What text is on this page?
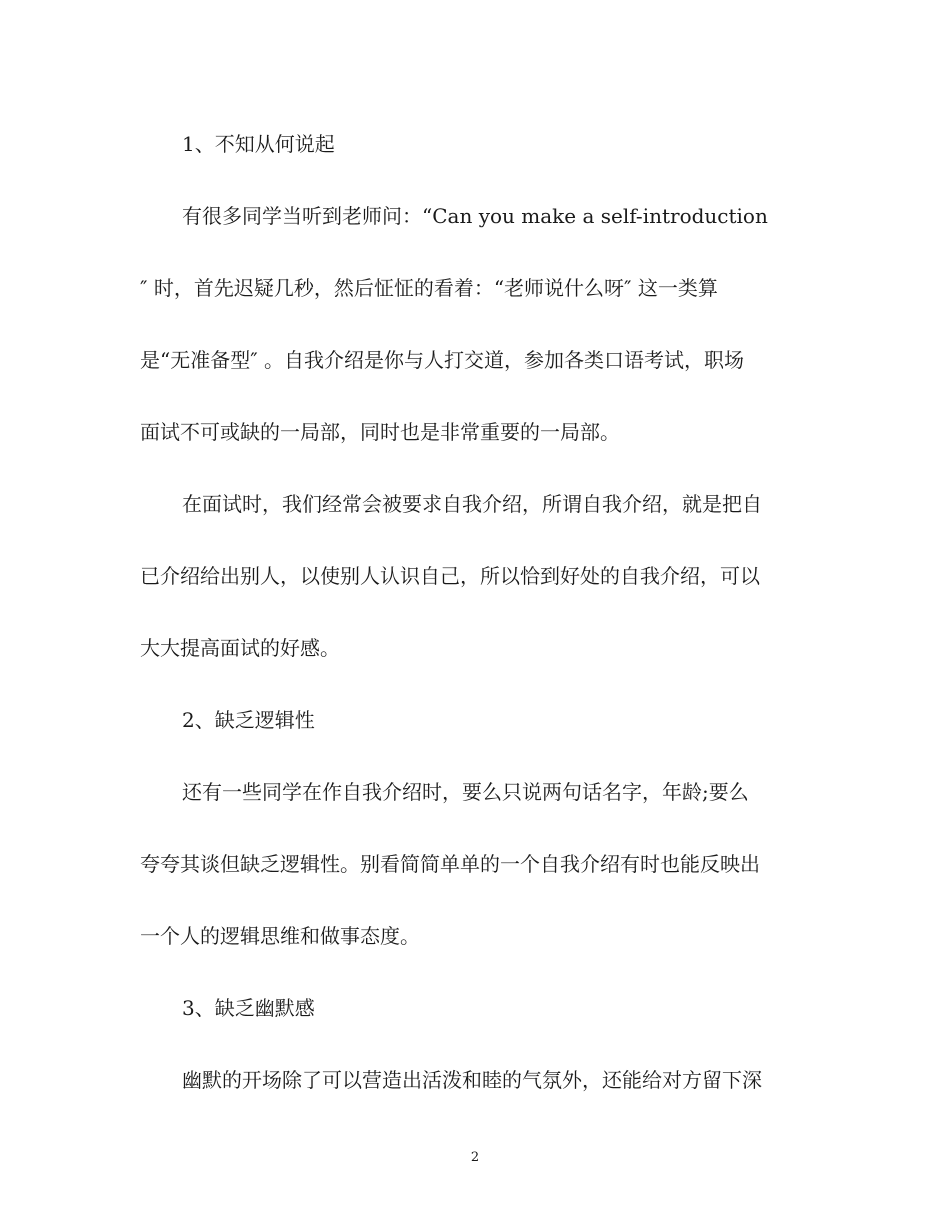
1、不知从何说起
有很多同学当听到老师问：“Can you make a self-introduction
″ 时，首先迟疑几秒，然后怔怔的看着：“老师说什么呀″ 这一类算
是“无准备型″ 。自我介绍是你与人打交道，参加各类口语考试，职场
面试不可或缺的一局部，同时也是非常重要的一局部。
在面试时，我们经常会被要求自我介绍，所谓自我介绍，就是把自
已介绍给出别人，以使别人认识自己，所以恰到好处的自我介绍，可以
大大提高面试的好感。
2、缺乏逻辑性
还有一些同学在作自我介绍时，要么只说两句话名字，年龄;要么
夸夸其谈但缺乏逻辑性。别看简简单单的一个自我介绍有时也能反映出
一个人的逻辑思维和做事态度。
3、缺乏幽默感
幽默的开场除了可以营造出活泼和睦的气氛外，还能给对方留下深
2
